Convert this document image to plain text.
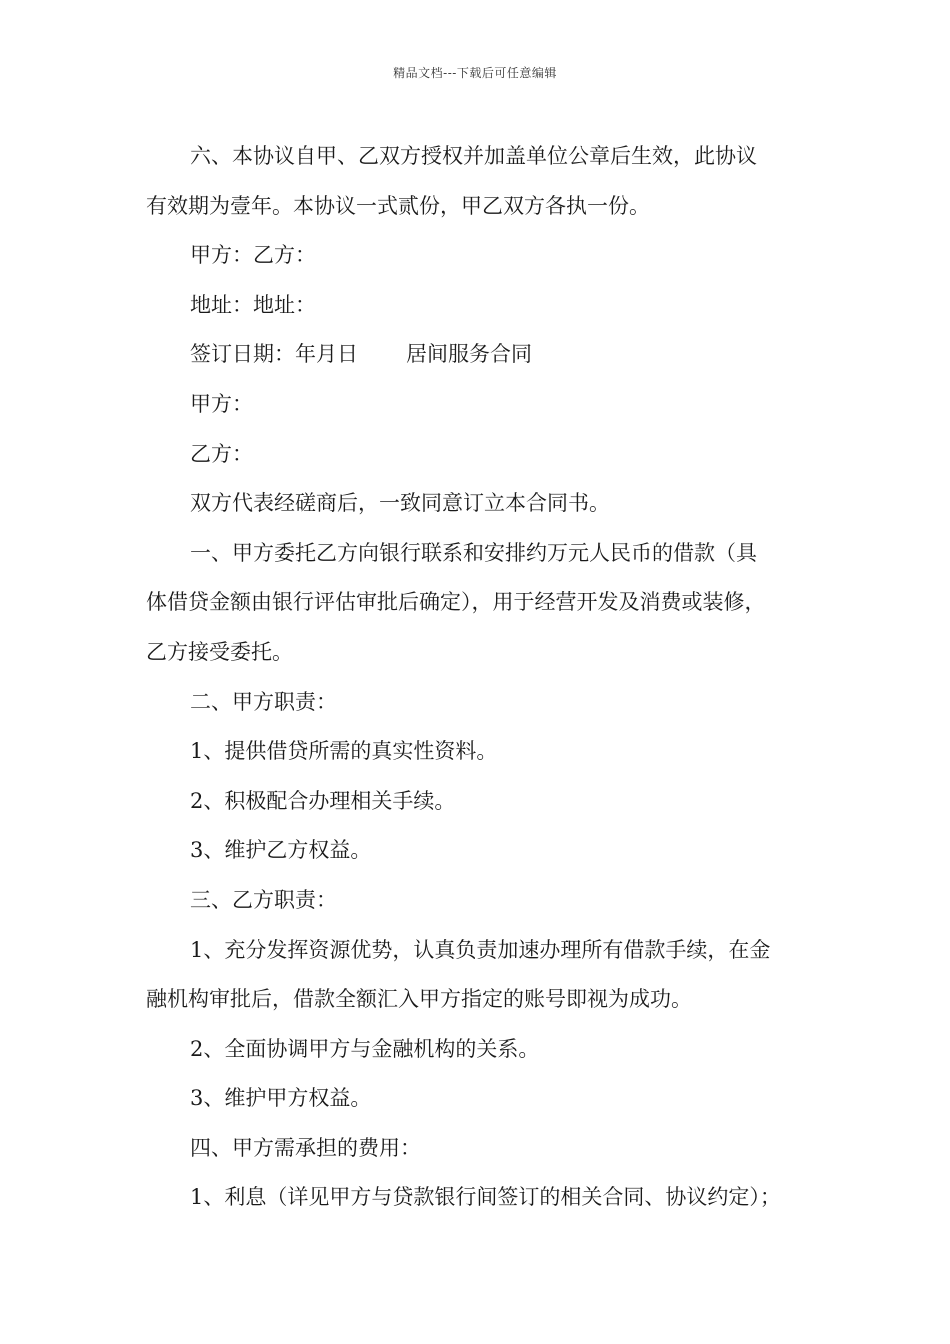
精品文档---下载后可任意编辑

六、本协议自甲、乙双方授权并加盖单位公章后生效，此协议

有效期为壹年。本协议一式贰份，甲乙双方各执一份。

甲方：乙方：

地址：地址：

签订日期：年月日 居间服务合同

甲方：

乙方：

双方代表经磋商后，一致同意订立本合同书。

一、甲方委托乙方向银行联系和安排约万元人民币的借款（具

体借贷金额由银行评估审批后确定），用于经营开发及消费或装修，

乙方接受委托。

二、甲方职责：

1、提供借贷所需的真实性资料。

2、积极配合办理相关手续。

3、维护乙方权益。

三、乙方职责：

1、充分发挥资源优势，认真负责加速办理所有借款手续，在金

融机构审批后，借款全额汇入甲方指定的账号即视为成功。

2、全面协调甲方与金融机构的关系。

3、维护甲方权益。

四、甲方需承担的费用：

1、利息（详见甲方与贷款银行间签订的相关合同、协议约定）；
